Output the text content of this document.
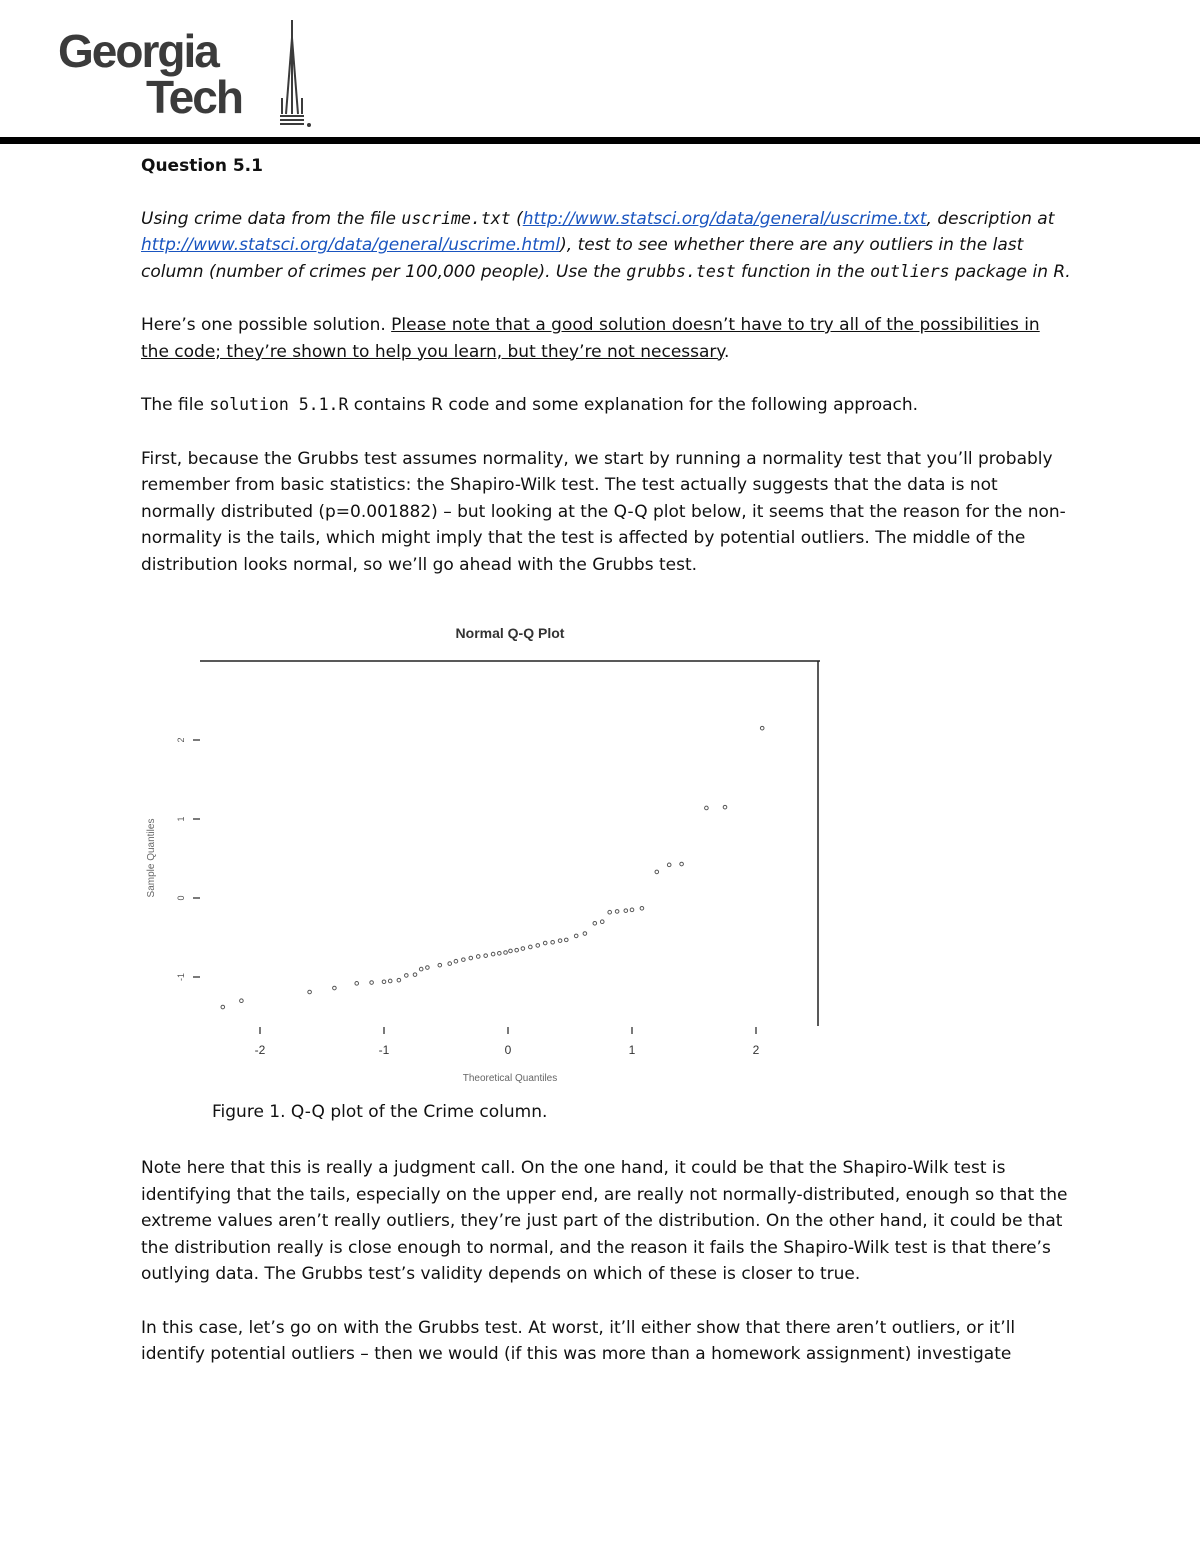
Georgia
Tech

Question 5.1

Using crime data from the file uscrime.txt (http://www.statsci.org/data/general/uscrime.txt, description at http://www.statsci.org/data/general/uscrime.html), test to see whether there are any outliers in the last column (number of crimes per 100,000 people). Use the grubbs.test function in the outliers package in R.

Here’s one possible solution. Please note that a good solution doesn’t have to try all of the possibilities in the code; they’re shown to help you learn, but they’re not necessary.

The file solution 5.1.R contains R code and some explanation for the following approach.

First, because the Grubbs test assumes normality, we start by running a normality test that you’ll probably remember from basic statistics: the Shapiro-Wilk test. The test actually suggests that the data is not normally distributed (p=0.001882) – but looking at the Q-Q plot below, it seems that the reason for the non-normality is the tails, which might imply that the test is affected by potential outliers. The middle of the distribution looks normal, so we’ll go ahead with the Grubbs test.

Normal Q-Q Plot
-2	-1	0	1	2
-1
0
1
2
Theoretical Quantiles
Sample Quantiles
Figure 1. Q-Q plot of the Crime column.

Note here that this is really a judgment call. On the one hand, it could be that the Shapiro-Wilk test is identifying that the tails, especially on the upper end, are really not normally-distributed, enough so that the extreme values aren’t really outliers, they’re just part of the distribution. On the other hand, it could be that the distribution really is close enough to normal, and the reason it fails the Shapiro-Wilk test is that there’s outlying data. The Grubbs test’s validity depends on which of these is closer to true.

In this case, let’s go on with the Grubbs test. At worst, it’ll either show that there aren’t outliers, or it’ll identify potential outliers – then we would (if this was more than a homework assignment) investigate
